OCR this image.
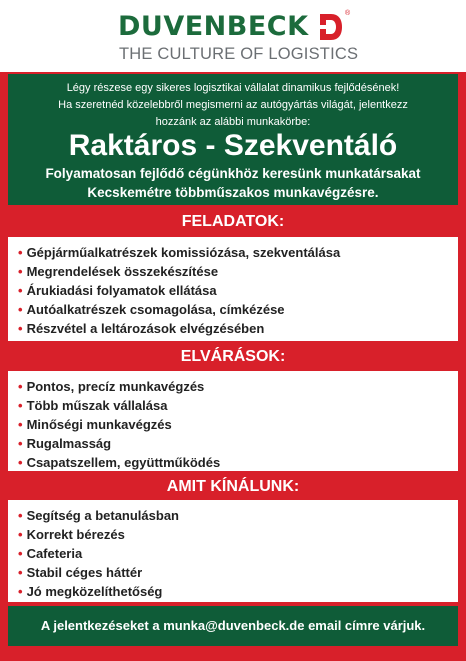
DUVENBECK	®
THE CULTURE OF LOGISTICS
Légy részese egy sikeres logisztikai vállalat dinamikus fejlődésének!
Ha szeretnéd közelebbről megismerni az autógyártás világát, jelentkezz
hozzánk az alábbi munkakörbe:
Raktáros - Szekventáló
Folyamatosan fejlődő cégünkhöz keresünk munkatársakat
Kecskemétre többműszakos munkavégzésre.
FELADATOK:
• Gépjárműalkatrészek komissiózása, szekventálása
• Megrendelések összekészítése
• Árukiadási folyamatok ellátása
• Autóalkatrészek csomagolása, címkézése
• Részvétel a leltározások elvégzésében
ELVÁRÁSOK:
• Pontos, precíz munkavégzés
• Több műszak vállalása
• Minőségi munkavégzés
• Rugalmasság
• Csapatszellem, együttműködés
AMIT KÍNÁLUNK:
• Segítség a betanulásban
• Korrekt bérezés
• Cafeteria
• Stabil céges háttér
• Jó megközelíthetőség
A jelentkezéseket a munka@duvenbeck.de email címre várjuk.
